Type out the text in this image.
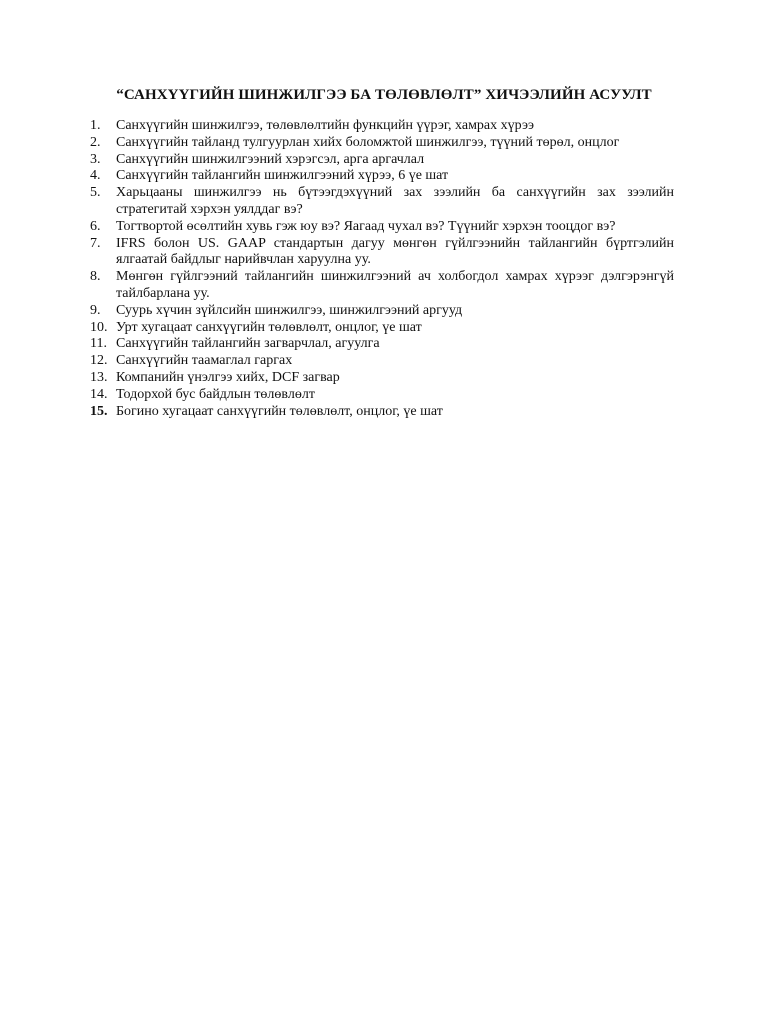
“САНХҮҮГИЙН ШИНЖИЛГЭЭ БА ТӨЛӨВЛӨЛТ” ХИЧЭЭЛИЙН АСУУЛТ
1.	Санхүүгийн шинжилгээ, төлөвлөлтийн функцийн үүрэг, хамрах хүрээ
2.	Санхүүгийн тайланд тулгуурлан хийх боломжтой шинжилгээ, түүний төрөл, онцлог
3.	Санхүүгийн шинжилгээний хэрэгсэл, арга аргачлал
4.	Санхүүгийн тайлангийн шинжилгээний хүрээ, 6 үе шат
5.	Харьцааны шинжилгээ нь бүтээгдэхүүний зах зээлийн ба санхүүгийн зах зээлийн стратегитай хэрхэн уялддаг вэ?
6.	Тогтвортой өсөлтийн хувь гэж юу вэ? Яагаад чухал вэ? Түүнийг хэрхэн тооцдог вэ?
7.	IFRS болон US. GAAP стандартын дагуу мөнгөн гүйлгээнийн тайлангийн бүртгэлийн ялгаатай байдлыг нарийвчлан харуулна уу.
8.	Мөнгөн гүйлгээний тайлангийн шинжилгээний ач холбогдол хамрах хүрээг дэлгэрэнгүй тайлбарлана уу.
9.	Суурь хүчин зүйлсийн шинжилгээ, шинжилгээний аргууд
10. Урт хугацаат санхүүгийн төлөвлөлт, онцлог, үе шат
11. Санхүүгийн тайлангийн загварчлал, агуулга
12. Санхүүгийн таамаглал гаргах
13. Компанийн үнэлгээ хийх, DCF загвар
14. Тодорхой бус байдлын төлөвлөлт
15. Богино хугацаат санхүүгийн төлөвлөлт, онцлог, үе шат
